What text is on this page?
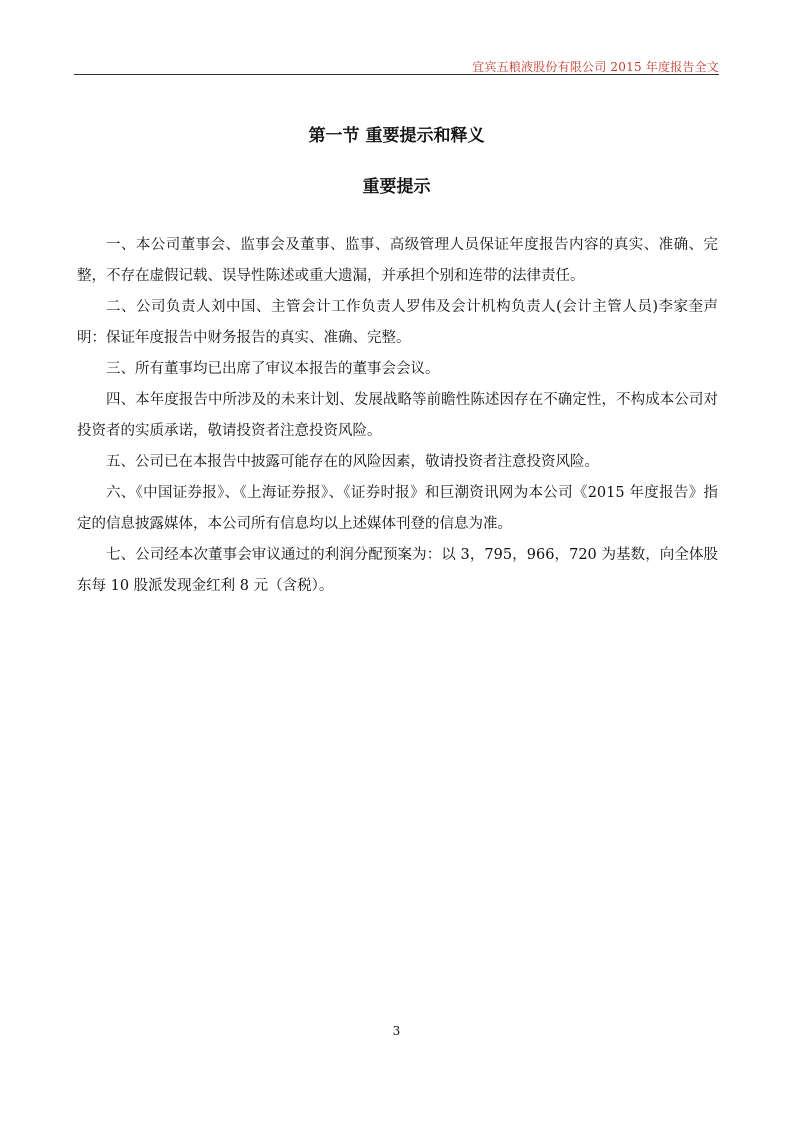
宜宾五粮液股份有限公司 2015 年度报告全文
第一节 重要提示和释义
重要提示

一、本公司董事会、监事会及董事、监事、高级管理人员保证年度报告内容的真实、准确、完整，不存在虚假记载、误导性陈述或重大遗漏，并承担个别和连带的法律责任。

二、公司负责人刘中国、主管会计工作负责人罗伟及会计机构负责人(会计主管人员)李家奎声明：保证年度报告中财务报告的真实、准确、完整。

三、所有董事均已出席了审议本报告的董事会会议。

四、本年度报告中所涉及的未来计划、发展战略等前瞻性陈述因存在不确定性，不构成本公司对投资者的实质承诺，敬请投资者注意投资风险。

五、公司已在本报告中披露可能存在的风险因素，敬请投资者注意投资风险。

六、《中国证券报》、《上海证券报》、《证券时报》和巨潮资讯网为本公司《2015 年度报告》指定的信息披露媒体，本公司所有信息均以上述媒体刊登的信息为准。

七、公司经本次董事会审议通过的利润分配预案为：以 3，795，966，720 为基数，向全体股东每 10 股派发现金红利 8 元（含税）。

3
